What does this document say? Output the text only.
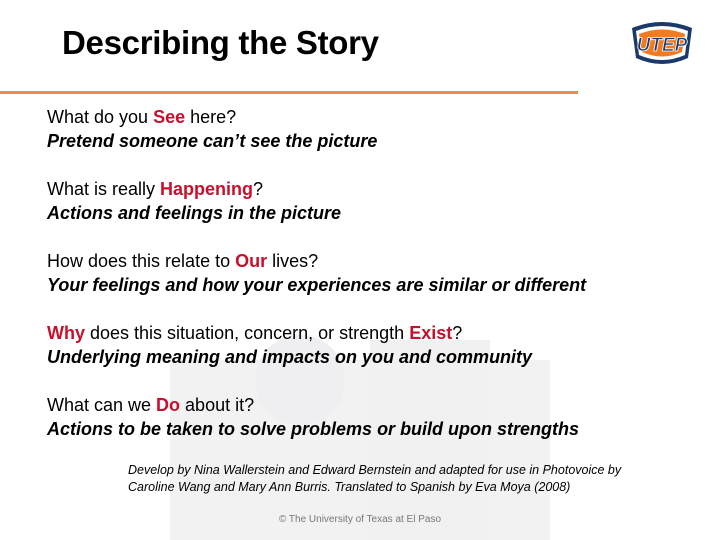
Describing the Story	UTEP
What do you See here?
Pretend someone can’t see the picture
What is really Happening?
Actions and feelings in the picture
How does this relate to Our lives?
Your feelings and how your experiences are similar or different
Why does this situation, concern, or strength Exist?
Underlying meaning and impacts on you and community
What can we Do about it?
Actions to be taken to solve problems or build upon strengths
Develop by Nina Wallerstein and Edward Bernstein and adapted for use in Photovoice by
Caroline Wang and Mary Ann Burris. Translated to Spanish by Eva Moya (2008)
© The University of Texas at El Paso
